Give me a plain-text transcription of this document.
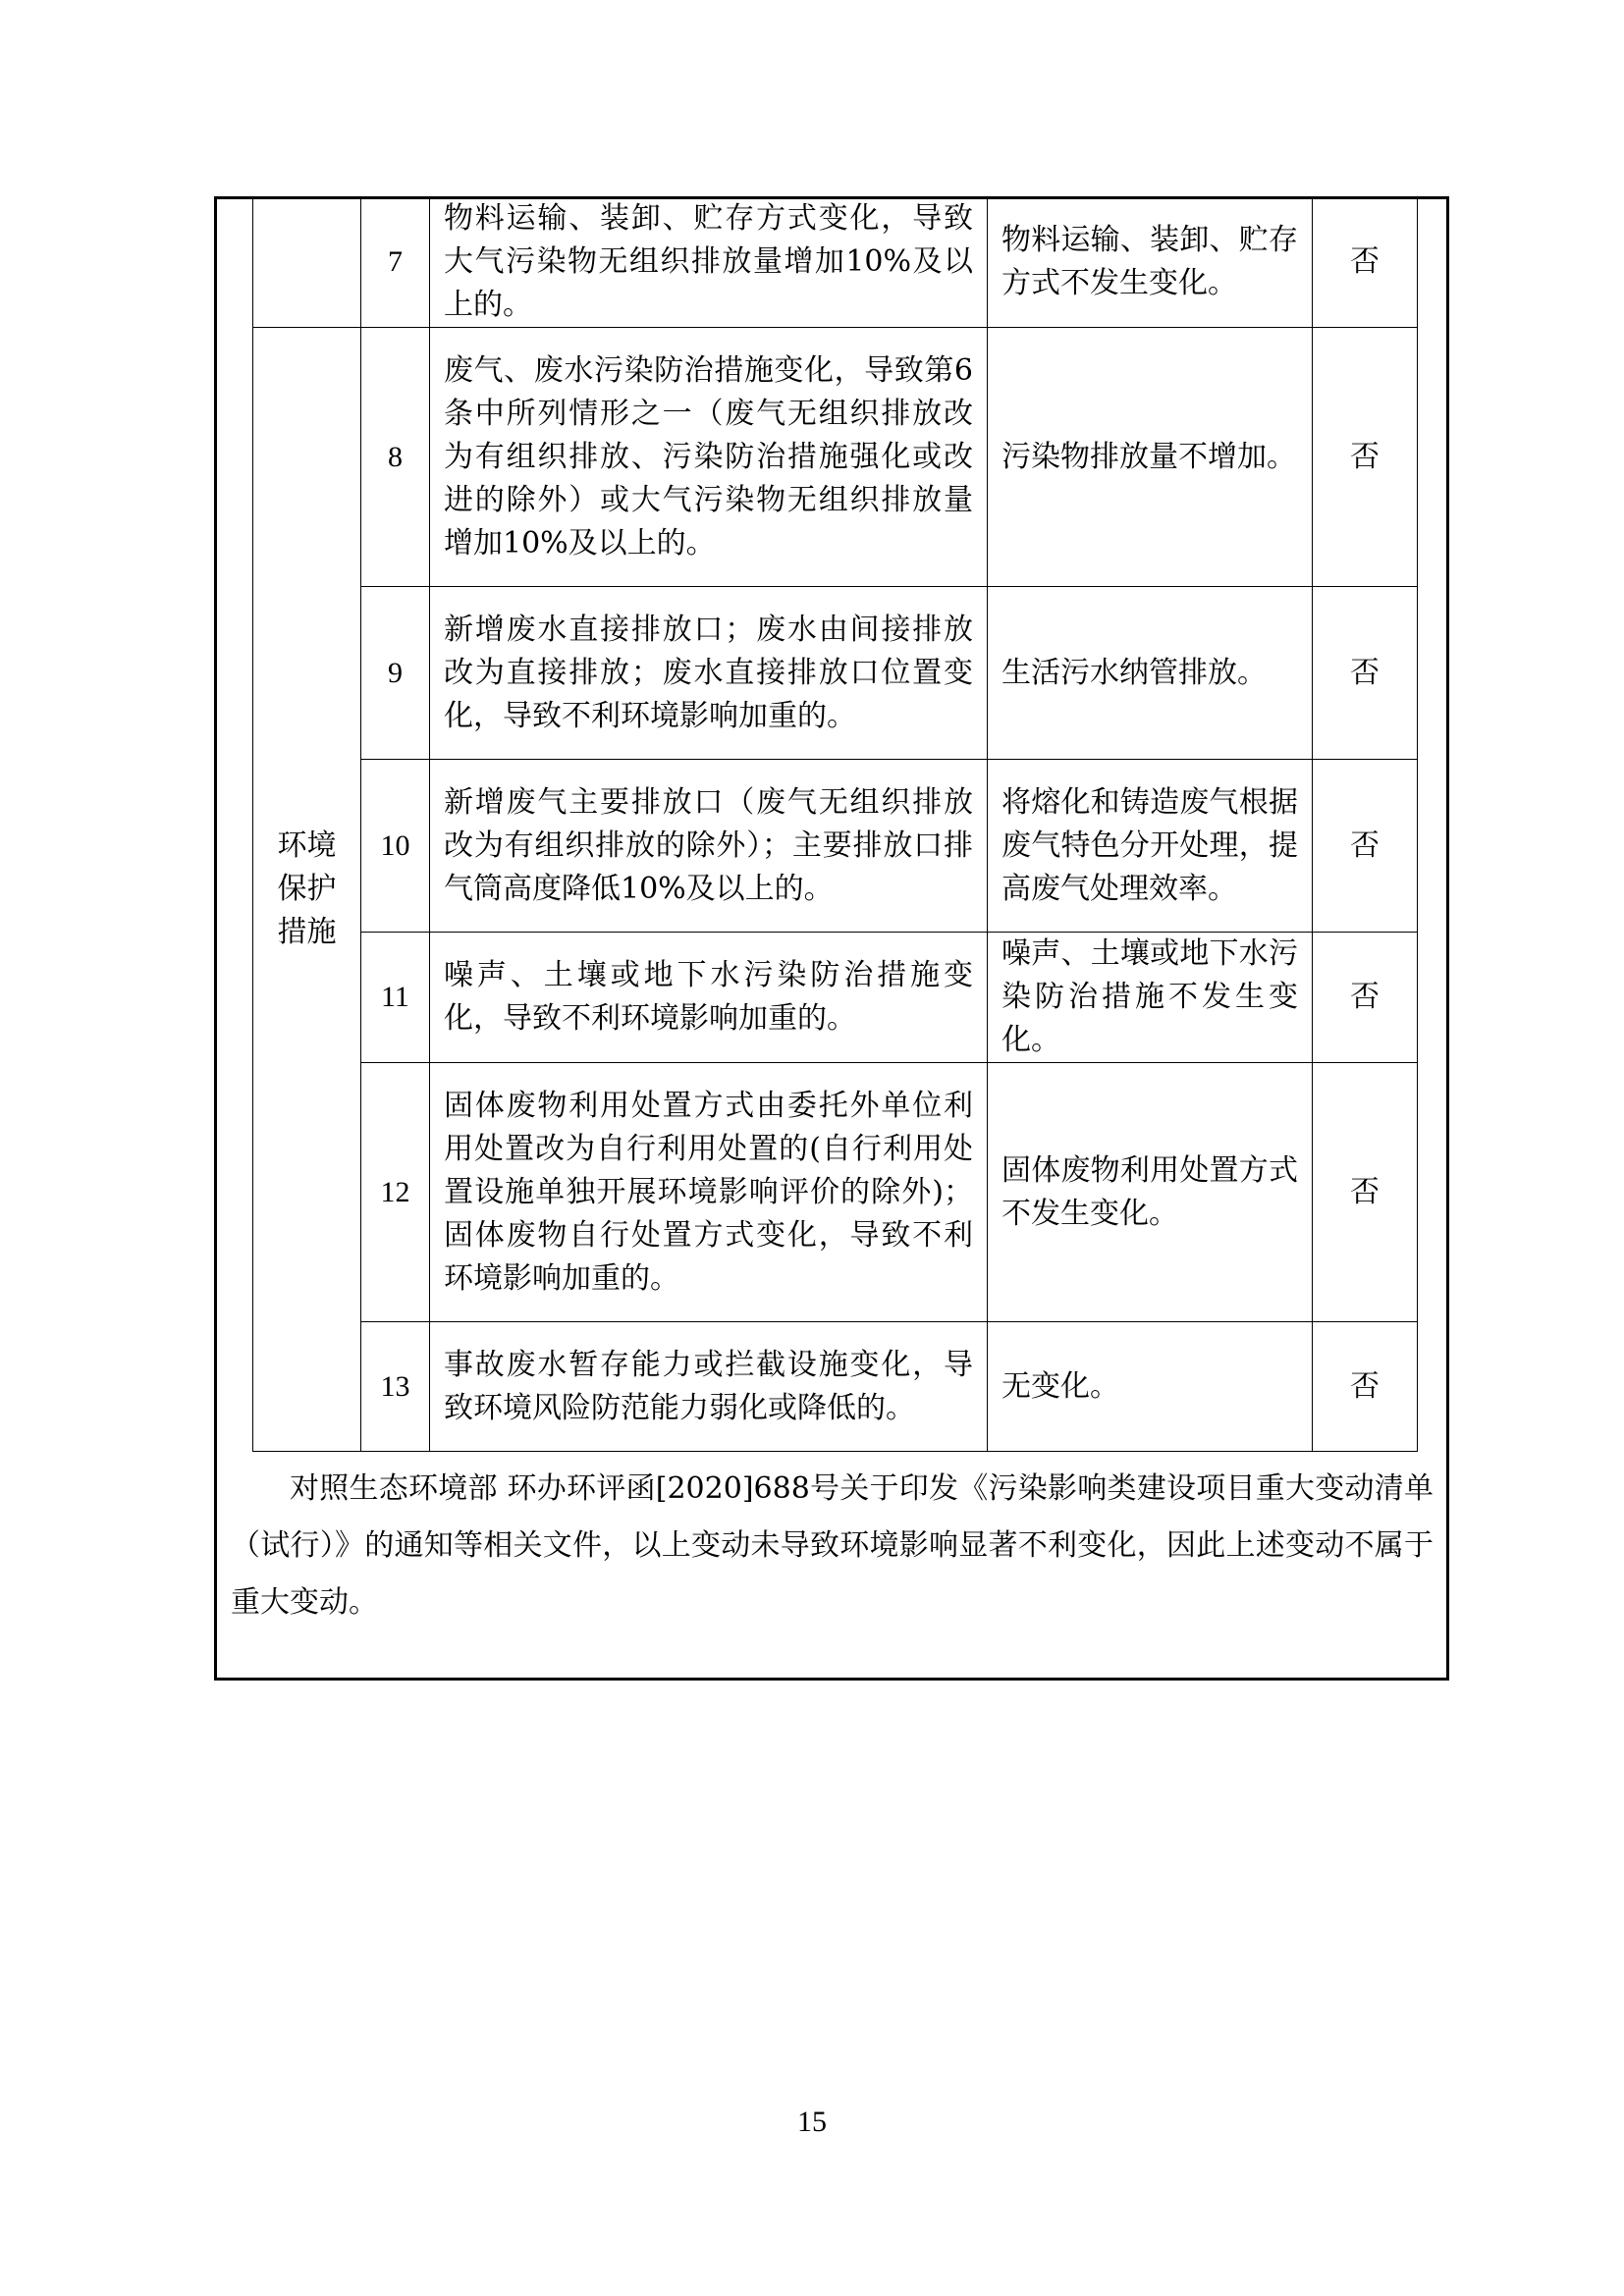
	7	物料运输、装卸、贮存方式变化，导致大气污染物无组织排放量增加10%及以上的。	物料运输、装卸、贮存方式不发生变化。	否
环境保护措施	8	废气、废水污染防治措施变化，导致第6条中所列情形之一（废气无组织排放改为有组织排放、污染防治措施强化或改进的除外）或大气污染物无组织排放量增加10%及以上的。	污染物排放量不增加。	否
	9	新增废水直接排放口；废水由间接排放改为直接排放；废水直接排放口位置变化，导致不利环境影响加重的。	生活污水纳管排放。	否
	10	新增废气主要排放口（废气无组织排放改为有组织排放的除外）；主要排放口排气筒高度降低10%及以上的。	将熔化和铸造废气根据废气特色分开处理，提高废气处理效率。	否
	11	噪声、土壤或地下水污染防治措施变化，导致不利环境影响加重的。	噪声、土壤或地下水污染防治措施不发生变化。	否
	12	固体废物利用处置方式由委托外单位利用处置改为自行利用处置的(自行利用处置设施单独开展环境影响评价的除外)；固体废物自行处置方式变化，导致不利环境影响加重的。	固体废物利用处置方式不发生变化。	否
	13	事故废水暂存能力或拦截设施变化，导致环境风险防范能力弱化或降低的。	无变化。	否

对照生态环境部 环办环评函[2020]688号关于印发《污染影响类建设项目重大变动清单（试行）》的通知等相关文件，以上变动未导致环境影响显著不利变化，因此上述变动不属于重大变动。

15
